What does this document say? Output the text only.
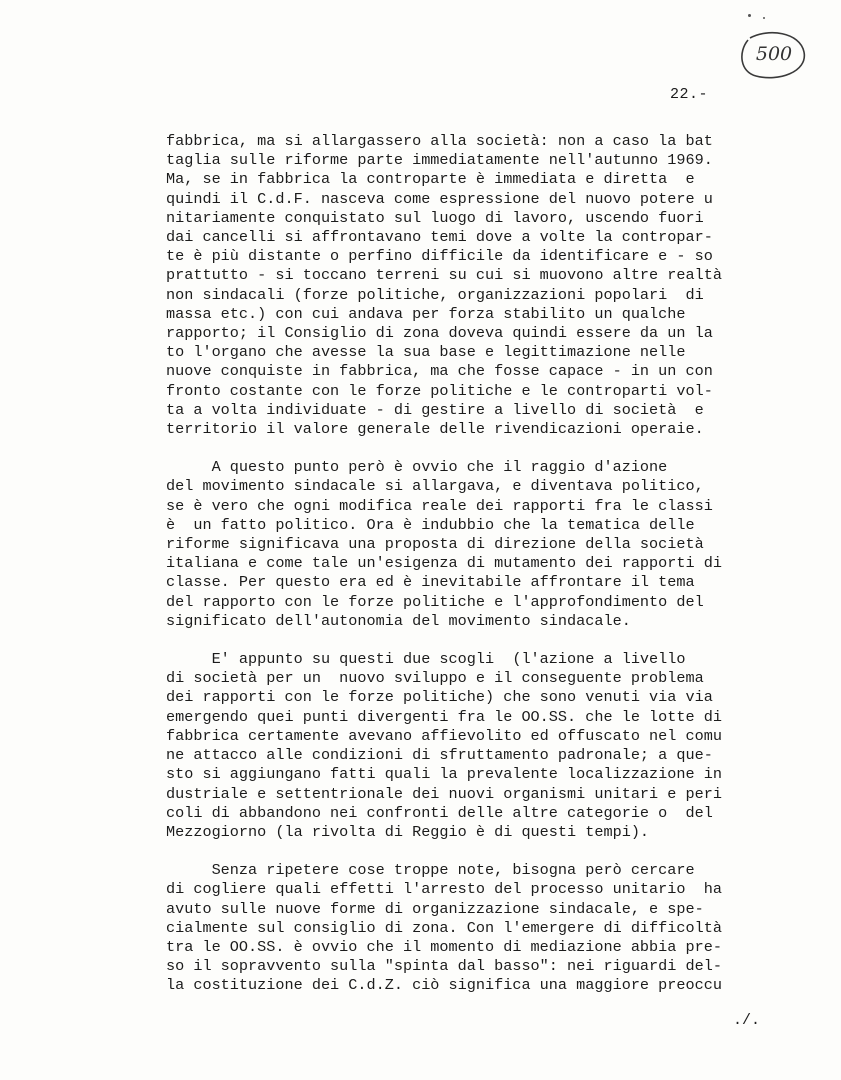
500
22.-
fabbrica, ma si allargassero alla società: non a caso la bat
taglia sulle riforme parte immediatamente nell'autunno 1969.
Ma, se in fabbrica la controparte è immediata e diretta  e
quindi il C.d.F. nasceva come espressione del nuovo potere u
nitariamente conquistato sul luogo di lavoro, uscendo fuori
dai cancelli si affrontavano temi dove a volte la contropar-
te è più distante o perfino difficile da identificare e - so
prattutto - si toccano terreni su cui si muovono altre realtà
non sindacali (forze politiche, organizzazioni popolari  di
massa etc.) con cui andava per forza stabilito un qualche
rapporto; il Consiglio di zona doveva quindi essere da un la
to l'organo che avesse la sua base e legittimazione nelle
nuove conquiste in fabbrica, ma che fosse capace - in un con
fronto costante con le forze politiche e le controparti vol-
ta a volta individuate - di gestire a livello di società  e
territorio il valore generale delle rivendicazioni operaie.
A questo punto però è ovvio che il raggio d'azione
del movimento sindacale si allargava, e diventava politico,
se è vero che ogni modifica reale dei rapporti fra le classi
è  un fatto politico. Ora è indubbio che la tematica delle
riforme significava una proposta di direzione della società
italiana e come tale un'esigenza di mutamento dei rapporti di
classe. Per questo era ed è inevitabile affrontare il tema
del rapporto con le forze politiche e l'approfondimento del
significato dell'autonomia del movimento sindacale.
E' appunto su questi due scogli  (l'azione a livello
di società per un  nuovo sviluppo e il conseguente problema
dei rapporti con le forze politiche) che sono venuti via via
emergendo quei punti divergenti fra le OO.SS. che le lotte di
fabbrica certamente avevano affievolito ed offuscato nel comu
ne attacco alle condizioni di sfruttamento padronale; a que-
sto si aggiungano fatti quali la prevalente localizzazione in
dustriale e settentrionale dei nuovi organismi unitari e peri
coli di abbandono nei confronti delle altre categorie o  del
Mezzogiorno (la rivolta di Reggio è di questi tempi).
Senza ripetere cose troppe note, bisogna però cercare
di cogliere quali effetti l'arresto del processo unitario  ha
avuto sulle nuove forme di organizzazione sindacale, e spe-
cialmente sul consiglio di zona. Con l'emergere di difficoltà
tra le OO.SS. è ovvio che il momento di mediazione abbia pre-
so il sopravvento sulla "spinta dal basso": nei riguardi del-
la costituzione dei C.d.Z. ciò significa una maggiore preoccu
./.
